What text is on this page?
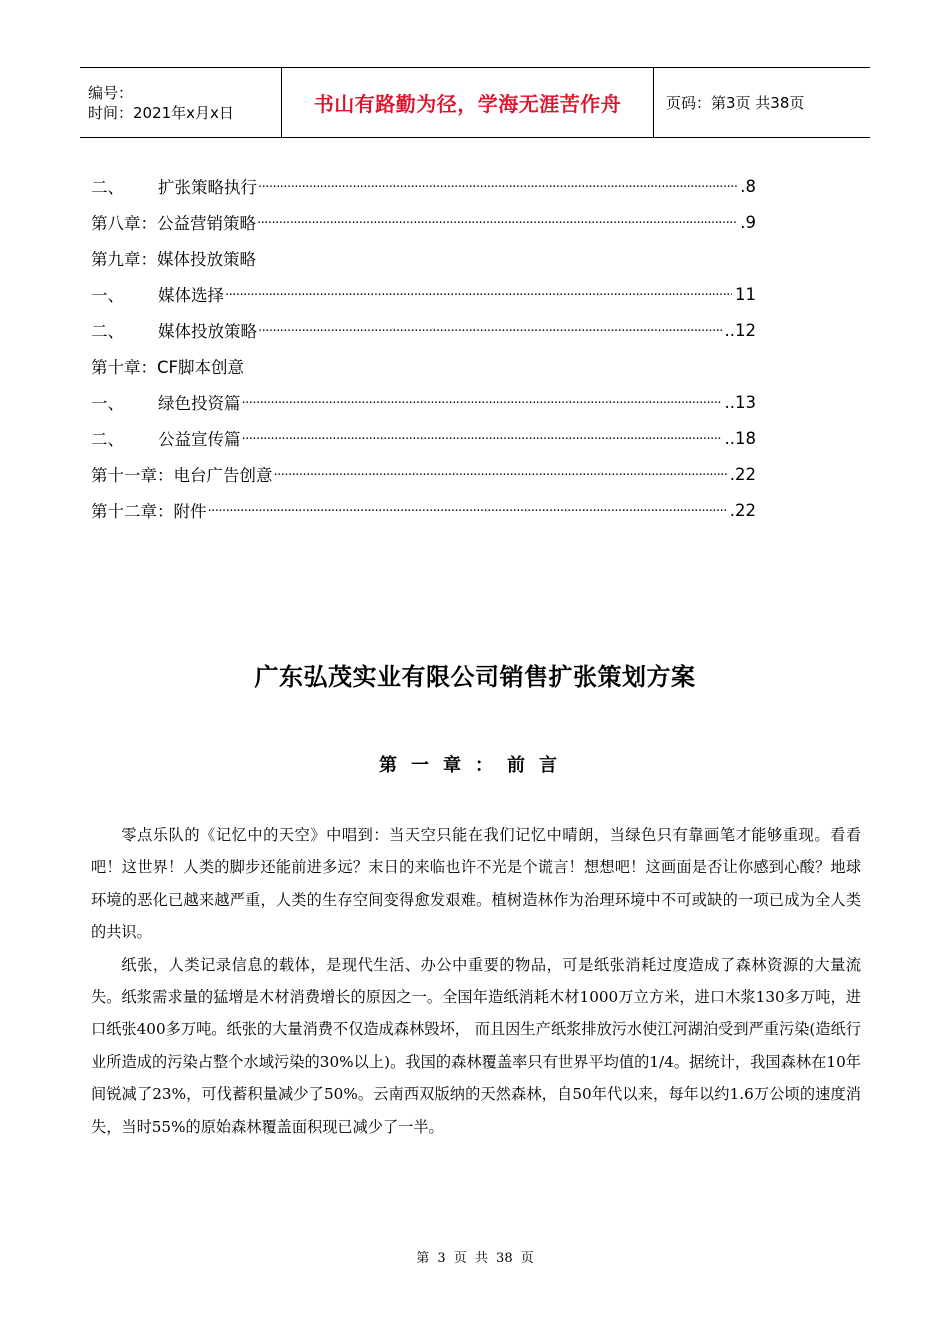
编号：
时间：2021年x月x日	书山有路勤为径，学海无涯苦作舟	页码：第3页 共38页
二、	扩张策略执行 ·····	.8
第八章：公益营销策略 ·····	.9
第九章：媒体投放策略
一、	媒体选择 ·····	11
二、	媒体投放策略 ·····	..12
第十章：CF脚本创意
一、	绿色投资篇 ·····	..13
二、	公益宣传篇 ·····	..18
第十一章：电台广告创意 ·····	.22
第十二章：附件 ·····	.22
广东弘茂实业有限公司销售扩张策划方案
第一章：前言

零点乐队的《记忆中的天空》中唱到：当天空只能在我们记忆中晴朗，当绿色只有靠画笔才能够重现。看看吧！这世界！人类的脚步还能前进多远？末日的来临也许不光是个谎言！想想吧！这画面是否让你感到心酸？地球环境的恶化已越来越严重，人类的生存空间变得愈发艰难。植树造林作为治理环境中不可或缺的一项已成为全人类的共识。

纸张，人类记录信息的载体，是现代生活、办公中重要的物品，可是纸张消耗过度造成了森林资源的大量流失。纸浆需求量的猛增是木材消费增长的原因之一。全国年造纸消耗木材1000万立方米，进口木浆130多万吨，进口纸张400多万吨。纸张的大量消费不仅造成森林毁坏， 而且因生产纸浆排放污水使江河湖泊受到严重污染(造纸行业所造成的污染占整个水域污染的30%以上)。我国的森林覆盖率只有世界平均值的1/4。据统计，我国森林在10年间锐减了23%，可伐蓄积量减少了50%。云南西双版纳的天然森林，自50年代以来，每年以约1.6万公顷的速度消失，当时55%的原始森林覆盖面积现已减少了一半。

第 3 页 共 38 页
